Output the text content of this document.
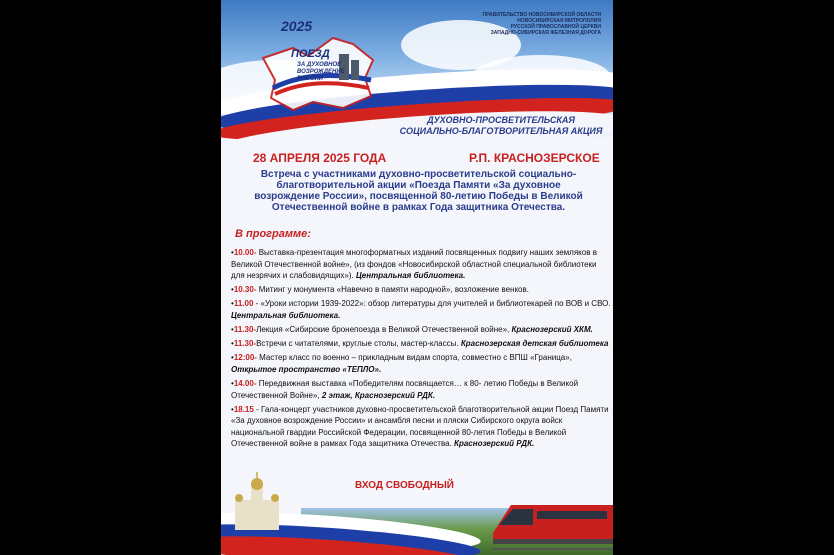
ПРАВИТЕЛЬСТВО НОВОСИБИРСКОЙ ОБЛАСТИ
НОВОСИБИРСКАЯ МИТРОПОЛИЯ
РУССКОЙ ПРАВОСЛАВНОЙ ЦЕРКВИ
ЗАПАДНО-СИБИРСКАЯ ЖЕЛЕЗНАЯ ДОРОГА
2025
ПОЕЗД
ЗА ДУХОВНОЕ ВОЗРОЖДЕНИЕ РОССИИ
ДУХОВНО-ПРОСВЕТИТЕЛЬСКАЯ СОЦИАЛЬНО-БЛАГОТВОРИТЕЛЬНАЯ АКЦИЯ
28 АПРЕЛЯ 2025 ГОДА	Р.П. КРАСНОЗЕРСКОЕ
Встреча с участниками духовно-просветительской социально-благотворительной акции «Поезда Памяти «За духовное возрождение России», посвященной 80-летию Победы в Великой Отечественной войне в рамках Года защитника Отечества.
В программе:
•10.00- Выставка-презентация многоформатных изданий посвященных подвигу наших земляков в Великой Отечественной войне», (из фондов «Новосибирской областной специальной библиотеки для незрячих и слабовидящих»). Центральная библиотека.
•10.30- Митинг у монумента «Навечно в памяти народной», возложение венков.
•11.00 - «Уроки истории 1939-2022»: обзор литературы для учителей и библиотекарей по ВОВ и СВО. Центральная библиотека.
•11.30-Лекция «Сибирские бронепоезда в Великой Отечественной войне», Краснозерский ХКМ.
•11.30-Встречи с читателями, круглые столы, мастер-классы. Краснозерская детская библиотека
•12:00- Мастер класс по военно – прикладным видам спорта, совместно с ВПШ «Граница», Открытое пространство «ТЕПЛО».
•14.00- Передвижная выставка «Победителям посвящается… к 80- летию Победы в Великой Отечественной Войне», 2 этаж, Краснозерский РДК.
•18.15 - Гала-концерт участников духовно-просветительской благотворительной акции Поезд Памяти «За духовное возрождение России» и ансамбля песни и пляски Сибирского округа войск национальной гвардии Российской Федерации, посвященной 80-летия Победы в Великой Отечественной войне в рамках Года защитника Отечества. Краснозерский РДК.
ВХОД СВОБОДНЫЙ
